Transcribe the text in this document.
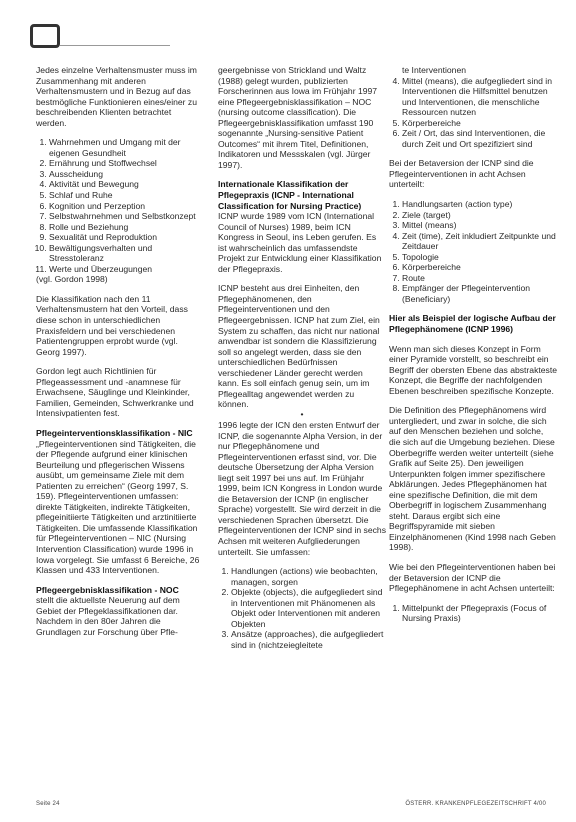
Jedes einzelne Verhaltensmuster muss im Zusammenhang mit anderen Verhaltensmustern und in Bezug auf das bestmögliche Funktionieren eines/einer zu beschreibenden Klienten betrachtet werden.

1. Wahrnehmen und Umgang mit der eigenen Gesundheit
2. Ernährung und Stoffwechsel
3. Ausscheidung
4. Aktivität und Bewegung
5. Schlaf und Ruhe
6. Kognition und Perzeption
7. Selbstwahrnehmen und Selbstkonzept
8. Rolle und Beziehung
9. Sexualität und Reproduktion
10. Bewältigungsverhalten und Stresstoleranz
11. Werte und Überzeugungen

(vgl. Gordon 1998)

Die Klassifikation nach den 11 Verhaltensmustern hat den Vorteil, dass diese schon in unterschiedlichen Praxisfeldern und bei verschiedenen Patientengruppen erprobt wurde (vgl. Georg 1997).

Gordon legt auch Richtlinien für Pflegeassessment und -anamnese für Erwachsene, Säuglinge und Kleinkinder, Familien, Gemeinden, Schwerkranke und Intensivpatienten fest.

Pflegeinterventionsklassifikation - NIC

„Pflegeinterventionen sind Tätigkeiten, die der Pflegende aufgrund einer klinischen Beurteilung und pflegerischen Wissens ausübt, um gemeinsame Ziele mit dem Patienten zu erreichen“ (Georg 1997, S. 159). Pflegeinterventionen umfassen: direkte Tätigkeiten, indirekte Tätigkeiten, pflegeinitiierte Tätigkeiten und arztinitiierte Tätigkeiten. Die umfassende Klassifikation für Pflegeinterventionen – NIC (Nursing Intervention Classification) wurde 1996 in Iowa vorgelegt. Sie umfasst 6 Bereiche, 26 Klassen und 433 Interventionen.

Pflegeergebnisklassifikation - NOC

stellt die aktuellste Neuerung auf dem Gebiet der Pflegeklassifikationen dar. Nachdem in den 80er Jahren die Grundlagen zur Forschung über Pfle-

geergebnisse von Strickland und Waltz (1988) gelegt wurden, publizierten Forscherinnen aus Iowa im Frühjahr 1997 eine Pflegeergebnisklassifikation – NOC (nursing outcome classification). Die Pflegeergebnisklassifikation umfasst 190 sogenannte „Nursing-sensitive Patient Outcomes“ mit ihrem Titel, Definitionen, Indikatoren und Messskalen (vgl. Jürger 1997).

Internationale Klassifikation der Pflegepraxis (ICNP - International Classification for Nursing Practice)

ICNP wurde 1989 vom ICN (International Council of Nurses) 1989, beim ICN Kongress in Seoul, ins Leben gerufen. Es ist wahrscheinlich das umfassendste Projekt zur Entwicklung einer Klassifikation der Pflegepraxis.

ICNP besteht aus drei Einheiten, den Pflegephänomenen, den Pflegeinterventionen und den Pflegeergebnissen. ICNP hat zum Ziel, ein System zu schaffen, das nicht nur national anwendbar ist sondern die Klassifizierung soll so angelegt werden, dass sie den unterschiedlichen Bedürfnissen verschiedener Länder gerecht werden kann. Es soll einfach genug sein, um im Pflegealltag angewendet werden zu können.

•

1996 legte der ICN den ersten Entwurf der ICNP, die sogenannte Alpha Version, in der nur Pflegephänomene und Pflegeinterventionen erfasst sind, vor. Die deutsche Übersetzung der Alpha Version liegt seit 1997 bei uns auf. Im Frühjahr 1999, beim ICN Kongress in London wurde die Betaversion der ICNP (in englischer Sprache) vorgestellt. Sie wird derzeit in die verschiedenen Sprachen übersetzt. Die Pflegeinterventionen der ICNP sind in sechs Achsen mit weiteren Aufgliederungen unterteilt. Sie umfassen:

1. Handlungen (actions) wie beobachten, managen, sorgen
2. Objekte (objects), die aufgegliedert sind in Interventionen mit Phänomenen als Objekt oder Interventionen mit anderen Objekten
3. Ansätze (approaches), die aufgegliedert sind in (nichtzeiegleitete

te Interventionen

4. Mittel (means), die aufgegliedert sind in Interventionen die Hilfsmittel benutzen und Interventionen, die menschliche Ressourcen nutzen
5. Körperbereiche
6. Zeit / Ort, das sind Interventionen, die durch Zeit und Ort spezifiziert sind

Bei der Betaversion der ICNP sind die Pflegeinterventionen in acht Achsen unterteilt:

1. Handlungsarten (action type)
2. Ziele (target)
3. Mittel (means)
4. Zeit (time), Zeit inkludiert Zeitpunkte und Zeitdauer
5. Topologie
6. Körperbereiche
7. Route
8. Empfänger der Pflegeintervention (Beneficiary)
Hier als Beispiel der logische Aufbau der Pflegephänomene (ICNP 1996)

Wenn man sich dieses Konzept in Form einer Pyramide vorstellt, so beschreibt ein Begriff der obersten Ebene das abstrakteste Konzept, die Begriffe der nachfolgenden Ebenen beschreiben spezifische Konzepte.

Die Definition des Pflegephänomens wird untergliedert, und zwar in solche, die sich auf den Menschen beziehen und solche, die sich auf die Umgebung beziehen. Diese Oberbegriffe werden weiter unterteilt (siehe Grafik auf Seite 25). Den jeweiligen Unterpunkten folgen immer spezifischere Abklärungen. Jedes Pflegephänomen hat eine spezifische Definition, die mit dem Oberbegriff in logischem Zusammenhang steht. Daraus ergibt sich eine Begriffspyramide mit sieben Einzelphänomenen (Kind 1998 nach Geben 1998).

Wie bei den Pflegeinterventionen haben bei der Betaversion der ICNP die Pflegephänomene in acht Achsen unterteilt:

1. Mittelpunkt der Pflegepraxis (Focus of Nursing Praxis)
Seite 24	ÖSTERR. KRANKENPFLEGEZEITSCHRIFT 4/00
